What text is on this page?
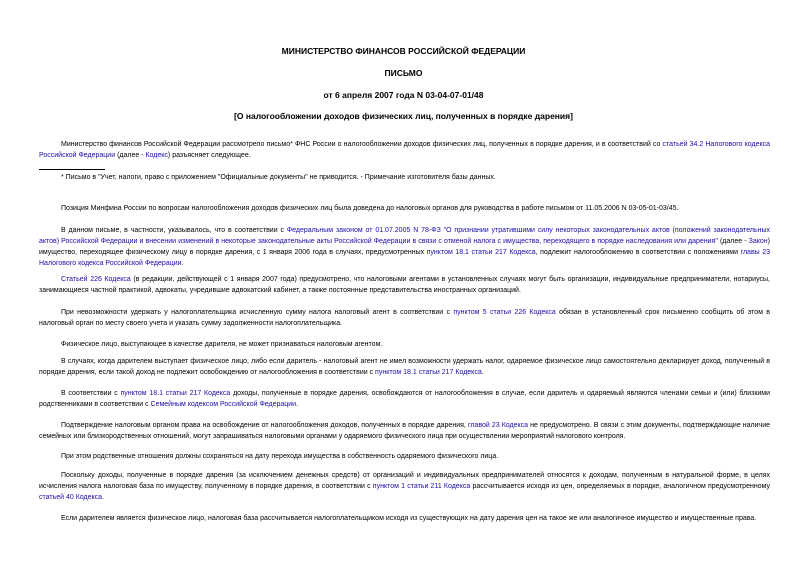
МИНИСТЕРСТВО ФИНАНСОВ РОССИЙСКОЙ ФЕДЕРАЦИИ
ПИСЬМО
от 6 апреля 2007 года N 03-04-07-01/48
[О налогообложении доходов физических лиц, полученных в порядке дарения]
Министерство финансов Российской Федерации рассмотрело письмо* ФНС России о налогообложении доходов физических лиц, полученных в порядке дарения, и в соответствий со статьей 34.2 Налогового кодекса Российской Федерации (далее - Кодекс) разъясняет следующее.
* Письмо в "Учет, налоги, право с приложением "Официальные документы" не приводится. - Примечание изготовителя базы данных.
Позиция Минфина России по вопросам налогообложения доходов физических лиц была доведена до налоговых органов для руководства в работе письмом от 11.05.2006 N 03-05-01-03/45.
В данном письме, в частности, указывалось, что в соответствии с Федеральным законом от 01.07.2005 N 78-ФЗ "О признании утратившими силу некоторых законодательных актов (положений законодательных актов) Российской Федерации и внесении изменений в некоторые законодательные акты Российской Федерации в связи с отменой налога с имущества, переходящего в порядке наследования или дарения" (далее - Закон) имущество, переходящее физическому лицу в порядке дарения, с 1 января 2006 года в случаях, предусмотренных пунктом 18.1 статьи 217 Кодекса, подлежит налогообложению в соответствии с положениями главы 23 Налогового кодекса Российской Федерации.
Статьей 226 Кодекса (в редакции, действующей с 1 января 2007 года) предусмотрено, что налоговыми агентами в установленных случаях могут быть организации, индивидуальные предприниматели, нотариусы, занимающиеся частной практикой, адвокаты, учредившие адвокатский кабинет, а также постоянные представительства иностранных организаций.
При невозможности удержать у налогоплательщика исчисленную сумму налога налоговый агент в соответствии с пунктом 5 статьи 226 Кодекса обязан в установленный срок письменно сообщить об этом в налоговый орган по месту своего учета и указать сумму задолженности налогоплательщика.
Физическое лицо, выступающее в качестве дарителя, не может признаваться налоговым агентом.
В случаях, когда дарителем выступает физическое лицо, либо если даритель - налоговый агент не имел возможности удержать налог, одаряемое физическое лицо самостоятельно декларирует доход, полученный в порядке дарения, если такой доход не подлежит освобождению от налогообложения в соответствии с пунктом 18.1 статьи 217 Кодекса.
В соответствии с пунктом 18.1 статьи 217 Кодекса доходы, полученные в порядке дарения, освобождаются от налогообложения в случае, если даритель и одаряемый являются членами семьи и (или) близкими родственниками в соответствии с Семейным кодексом Российской Федерации.
Подтверждение налоговым органом права на освобождение от налогообложения доходов, полученных в порядке дарения, главой 23 Кодекса не предусмотрено. В связи с этим документы, подтверждающие наличие семейных или близкородственных отношений, могут запрашиваться налоговыми органами у одаряемого физического лица при осуществлении мероприятий налогового контроля.
При этом родственные отношения должны сохраняться на дату перехода имущества в собственность одаряемого физического лица.
Поскольку доходы, полученные в порядке дарения (за исключением денежных средств) от организаций и индивидуальных предпринимателей относятся к доходам, полученным в натуральной форме, в целях исчисления налога налоговая база по имуществу, полученному в порядке дарения, в соответствии с пунктом 1 статьи 211 Кодекса рассчитывается исходя из цен, определяемых в порядке, аналогичном предусмотренному статьей 40 Кодекса.
Если дарителем является физическое лицо, налоговая база рассчитывается налогоплательщиком исходя из существующих на дату дарения цен на такое же или аналогичное имущество и имущественные права.
